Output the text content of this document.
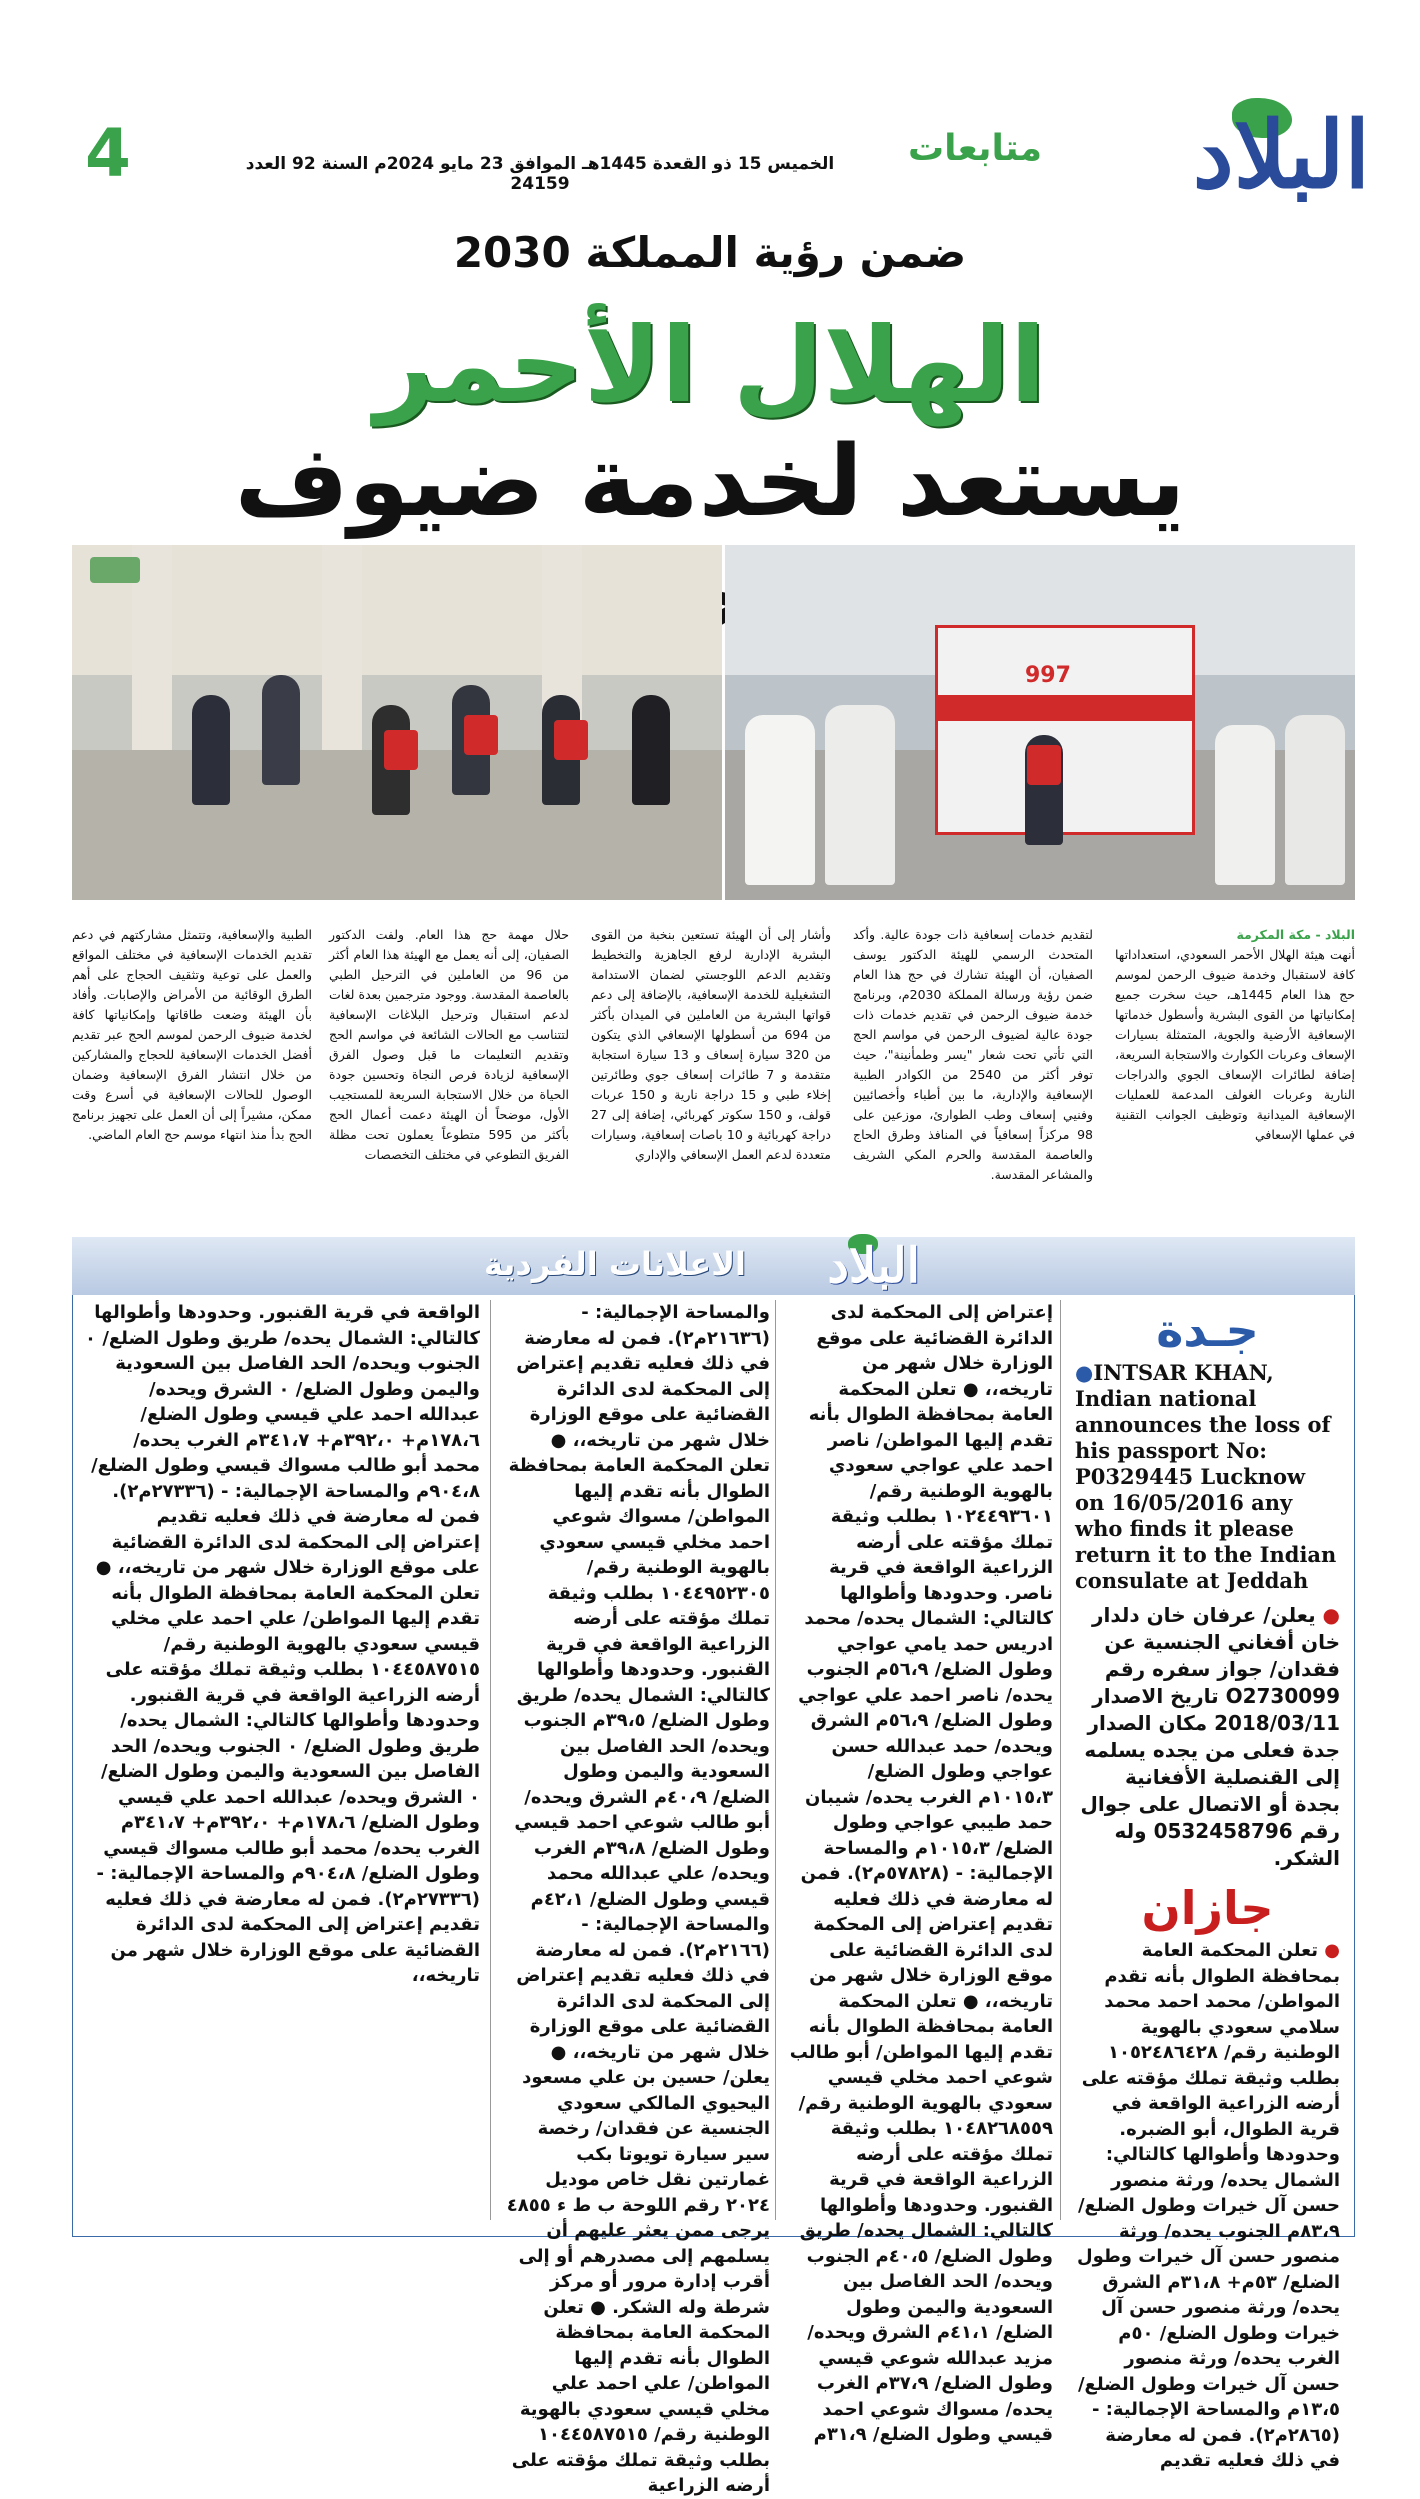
البلاد
متابعات
الخميس 15 ذو القعدة 1445هـ الموافق 23 مايو 2024م السنة 92 العدد 24159
4
ضمن رؤية المملكة 2030
الهلال الأحمر
يستعد لخدمة ضيوف
997
البلاد - مكة المكرمة
أنهت هيئة الهلال الأحمر السعودي، استعداداتها كافة لاستقبال وخدمة ضيوف الرحمن لموسم حج هذا العام 1445هـ، حيث سخرت جميع إمكانياتها من القوى البشرية وأسطول خدماتها الإسعافية الأرضية والجوية، المتمثلة بسيارات الإسعاف وعربات الكوارث والاستجابة السريعة، إضافة لطائرات الإسعاف الجوي والدراجات النارية وعربات الغولف المدعمة للعمليات الإسعافية الميدانية وتوظيف الجوانب التقنية في عملها الإسعافي
لتقديم خدمات إسعافية ذات جودة عالية. وأكد المتحدث الرسمي للهيئة الدكتور يوسف الصفيان، أن الهيئة تشارك في حج هذا العام ضمن رؤية ورسالة المملكة 2030م، وبرنامج خدمة ضيوف الرحمن في تقديم خدمات ذات جودة عالية لضيوف الرحمن في مواسم الحج التي تأتي تحت شعار "يسر وطمأنينة"، حيث توفر أكثر من 2540 من الكوادر الطبية الإسعافية والإدارية، ما بين أطباء وأخصائيين وفنيي إسعاف وطب الطوارئ، موزعين على 98 مركزاً إسعافياً في المنافذ وطرق الحاج والعاصمة المقدسة والحرم المكي الشريف والمشاعر المقدسة.
وأشار إلى أن الهيئة تستعين بنخبة من القوى البشرية الإدارية لرفع الجاهزية والتخطيط وتقديم الدعم اللوجستي لضمان الاستدامة التشغيلية للخدمة الإسعافية، بالإضافة إلى دعم قواتها البشرية من العاملين في الميدان بأكثر من 694 من أسطولها الإسعافي الذي يتكون من 320 سيارة إسعاف و 13 سيارة استجابة متقدمة و 7 طائرات إسعاف جوي وطائرتين إخلاء طبي و 15 دراجة نارية و 150 عربات قولف، و 150 سكوتر كهربائي، إضافة إلى 27 دراجة كهربائية و 10 باصات إسعافية، وسيارات متعددة لدعم العمل الإسعافي والإداري
حلال مهمة حج هذا العام. ولفت الدكتور الصفيان، إلى أنه يعمل مع الهيئة هذا العام أكثر من 96 من العاملين في الترحيل الطبي بالعاصمة المقدسة. ووجود مترجمين بعدة لغات لدعم استقبال وترحيل البلاغات الإسعافية لتتناسب مع الحالات الشائعة في مواسم الحج وتقديم التعليمات ما قبل وصول الفرق الإسعافية لزيادة فرص النجاة وتحسين جودة الحياة من خلال الاستجابة السريعة للمستجيب الأول، موضحاً أن الهيئة دعمت أعمال الحج بأكثر من 595 متطوعاً يعملون تحت مظلة الفريق التطوعي في مختلف التخصصات
الطبية والإسعافية، وتتمثل مشاركتهم في دعم تقديم الخدمات الإسعافية في مختلف المواقع والعمل على توعية وتثقيف الحجاج على أهم الطرق الوقائية من الأمراض والإصابات. وأفاد بأن الهيئة وضعت طاقاتها وإمكانياتها كافة لخدمة ضيوف الرحمن لموسم الحج عبر تقديم أفضل الخدمات الإسعافية للحجاج والمشاركين من خلال انتشار الفرق الإسعافية وضمان الوصول للحالات الإسعافية في أسرع وقت ممكن، مشيراً إلى أن العمل على تجهيز برنامج الحج بدأ منذ انتهاء موسم حج العام الماضي.
الاعلانات الفردية البلاد
جـدة

●INTSAR KHAN, Indian national announces the loss of his passport No: P0329445 Lucknow on 16/05/2016 any who finds it please return it to the Indian consulate at Jeddah

● يعلن/ عرفان خان دلدار خان أفغاني الجنسية عن فقدان/ جواز سفره رقم O2730099 تاريخ الاصدار 2018/03/11 مكان الصدار جدة فعلى من يجده يسلمه إلى القنصلية الأفغانية بجدة أو الاتصال على جوال رقم 0532458796 وله الشكر.

جازان

● تعلن المحكمة العامة بمحافظة الطوال بأنه تقدم المواطن/ محمد احمد محمد سلامي سعودي بالهوية الوطنية رقم/ ١٠٥٢٤٨٦٤٢٨ بطلب وثيقة تملك مؤقته على أرضه الزراعية الواقعة في قرية الطوال، أبو الضبره. وحدودها وأطوالها كالتالي: الشمال يحده/ ورثة منصور حسن آل خيرات وطول الضلع/ ٨٣،٩م الجنوب يحده/ ورثة منصور حسن آل خيرات وطول الضلع/ ٥٣م+ ٣١،٨م الشرق يحده/ ورثة منصور حسن آل خيرات وطول الضلع/ ٥٠م الغرب يحده/ ورثة منصور حسن آل خيرات وطول الضلع/ ١٣،٥م والمساحة الإجمالية: - (٢٨٦٥م٢). فمن له معارضة في ذلك فعليه تقديم

إعتراض إلى المحكمة لدى الدائرة القضائية على موقع الوزارة خلال شهر من تاريخه،، ● تعلن المحكمة العامة بمحافظة الطوال بأنه تقدم إليها المواطن/ ناصر احمد علي عواجي سعودي بالهوية الوطنية رقم/ ١٠٢٤٤٩٣٦٠١ بطلب وثيقة تملك مؤقته على أرضه الزراعية الواقعة في قرية ناصر. وحدودها وأطوالها كالتالي: الشمال يحده/ محمد ادريس حمد يامي عواجي وطول الضلع/ ٥٦،٩م الجنوب يحده/ ناصر احمد علي عواجي وطول الضلع/ ٥٦،٩م الشرق ويحده/ حمد عبدالله حسن عواجي وطول الضلع/ ١٠١٥،٣م الغرب يحده/ شيبان حمد طيبي عواجي وطول الضلع/ ١٠١٥،٣م والمساحة الإجمالية: - (٥٧٨٢٨م٢). فمن له معارضة في ذلك فعليه تقديم إعتراض إلى المحكمة لدى الدائرة القضائية على موقع الوزارة خلال شهر من تاريخه،، ● تعلن المحكمة العامة بمحافظة الطوال بأنه تقدم إليها المواطن/ أبو طالب شوعي احمد مخلي قيسي سعودي بالهوية الوطنية رقم/ ١٠٤٨٢٦٨٥٥٩ بطلب وثيقة تملك مؤقته على أرضه الزراعية الواقعة في قرية القنبور. وحدودها وأطوالها كالتالي: الشمال يحده/ طريق وطول الضلع/ ٤٠،٥م الجنوب ويحده/ الحد الفاصل بين السعودية واليمن وطول الضلع/ ٤١،١م الشرق ويحده/ مزيد عبدالله شوعي قيسي وطول الضلع/ ٣٧،٩م الغرب يحده/ مسواك شوعي احمد قيسي وطول الضلع/ ٣١،٩م

والمساحة الإجمالية: - (٢١٦٣٦م٢). فمن له معارضة في ذلك فعليه تقديم إعتراض إلى المحكمة لدى الدائرة القضائية على موقع الوزارة خلال شهر من تاريخه،، ● تعلن المحكمة العامة بمحافظة الطوال بأنه تقدم إليها المواطن/ مسواك شوعي احمد مخلي قيسي سعودي بالهوية الوطنية رقم/ ١٠٤٤٩٥٢٣٠٥ بطلب وثيقة تملك مؤقته على أرضه الزراعية الواقعة في قرية القنبور. وحدودها وأطوالها كالتالي: الشمال يحده/ طريق وطول الضلع/ ٣٩،٥م الجنوب ويحده/ الحد الفاصل بين السعودية واليمن وطول الضلع/ ٤٠،٩م الشرق ويحده/ أبو طالب شوعي احمد قيسي وطول الضلع/ ٣٩،٨م الغرب ويحده/ علي عبدالله محمد قيسي وطول الضلع/ ٤٢،١م والمساحة الإجمالية: - (٢١٦٦م٢). فمن له معارضة في ذلك فعليه تقديم إعتراض إلى المحكمة لدى الدائرة القضائية على موقع الوزارة خلال شهر من تاريخه،، ● يعلن/ حسين بن علي مسعود اليحيوي المالكي سعودي الجنسية عن فقدان/ رخصة سير سيارة تويوتا بكب غمارتين نقل خاص موديل ٢٠٢٤ رقم اللوحة ب ط ء ٤٨٥٥ يرجى ممن يعثر عليهم أن يسلمهم إلى مصدرهم أو إلى أقرب إدارة مرور أو مركز شرطة وله الشكر. ● تعلن المحكمة العامة بمحافظة الطوال بأنه تقدم إليها المواطن/ علي احمد علي مخلي قيسي سعودي بالهوية الوطنية رقم/ ١٠٤٤٥٨٧٥١٥ بطلب وثيقة تملك مؤقته على أرضه الزراعية

الواقعة في قرية القنبور. وحدودها وأطوالها كالتالي: الشمال يحده/ طريق وطول الضلع/ ٠ الجنوب ويحده/ الحد الفاصل بين السعودية واليمن وطول الضلع/ ٠ الشرق ويحده/ عبدالله احمد علي قيسي وطول الضلع/ ١٧٨،٦م+ ٣٩٢،٠م+ ٣٤١،٧م الغرب يحده/ محمد أبو طالب مسواك قيسي وطول الضلع/ ٩٠٤،٨م والمساحة الإجمالية: - (٢٧٣٣٦م٢). فمن له معارضة في ذلك فعليه تقديم إعتراض إلى المحكمة لدى الدائرة القضائية على موقع الوزارة خلال شهر من تاريخه،، ● تعلن المحكمة العامة بمحافظة الطوال بأنه تقدم إليها المواطن/ علي احمد علي مخلي قيسي سعودي بالهوية الوطنية رقم/ ١٠٤٤٥٨٧٥١٥ بطلب وثيقة تملك مؤقته على أرضه الزراعية الواقعة في قرية القنبور. وحدودها وأطوالها كالتالي: الشمال يحده/ طريق وطول الضلع/ ٠ الجنوب ويحده/ الحد الفاصل بين السعودية واليمن وطول الضلع/ ٠ الشرق ويحده/ عبدالله احمد علي قيسي وطول الضلع/ ١٧٨،٦م+ ٣٩٢،٠م+ ٣٤١،٧م الغرب يحده/ محمد أبو طالب مسواك قيسي وطول الضلع/ ٩٠٤،٨م والمساحة الإجمالية: - (٢٧٣٣٦م٢). فمن له معارضة في ذلك فعليه تقديم إعتراض إلى المحكمة لدى الدائرة القضائية على موقع الوزارة خلال شهر من تاريخه،،
